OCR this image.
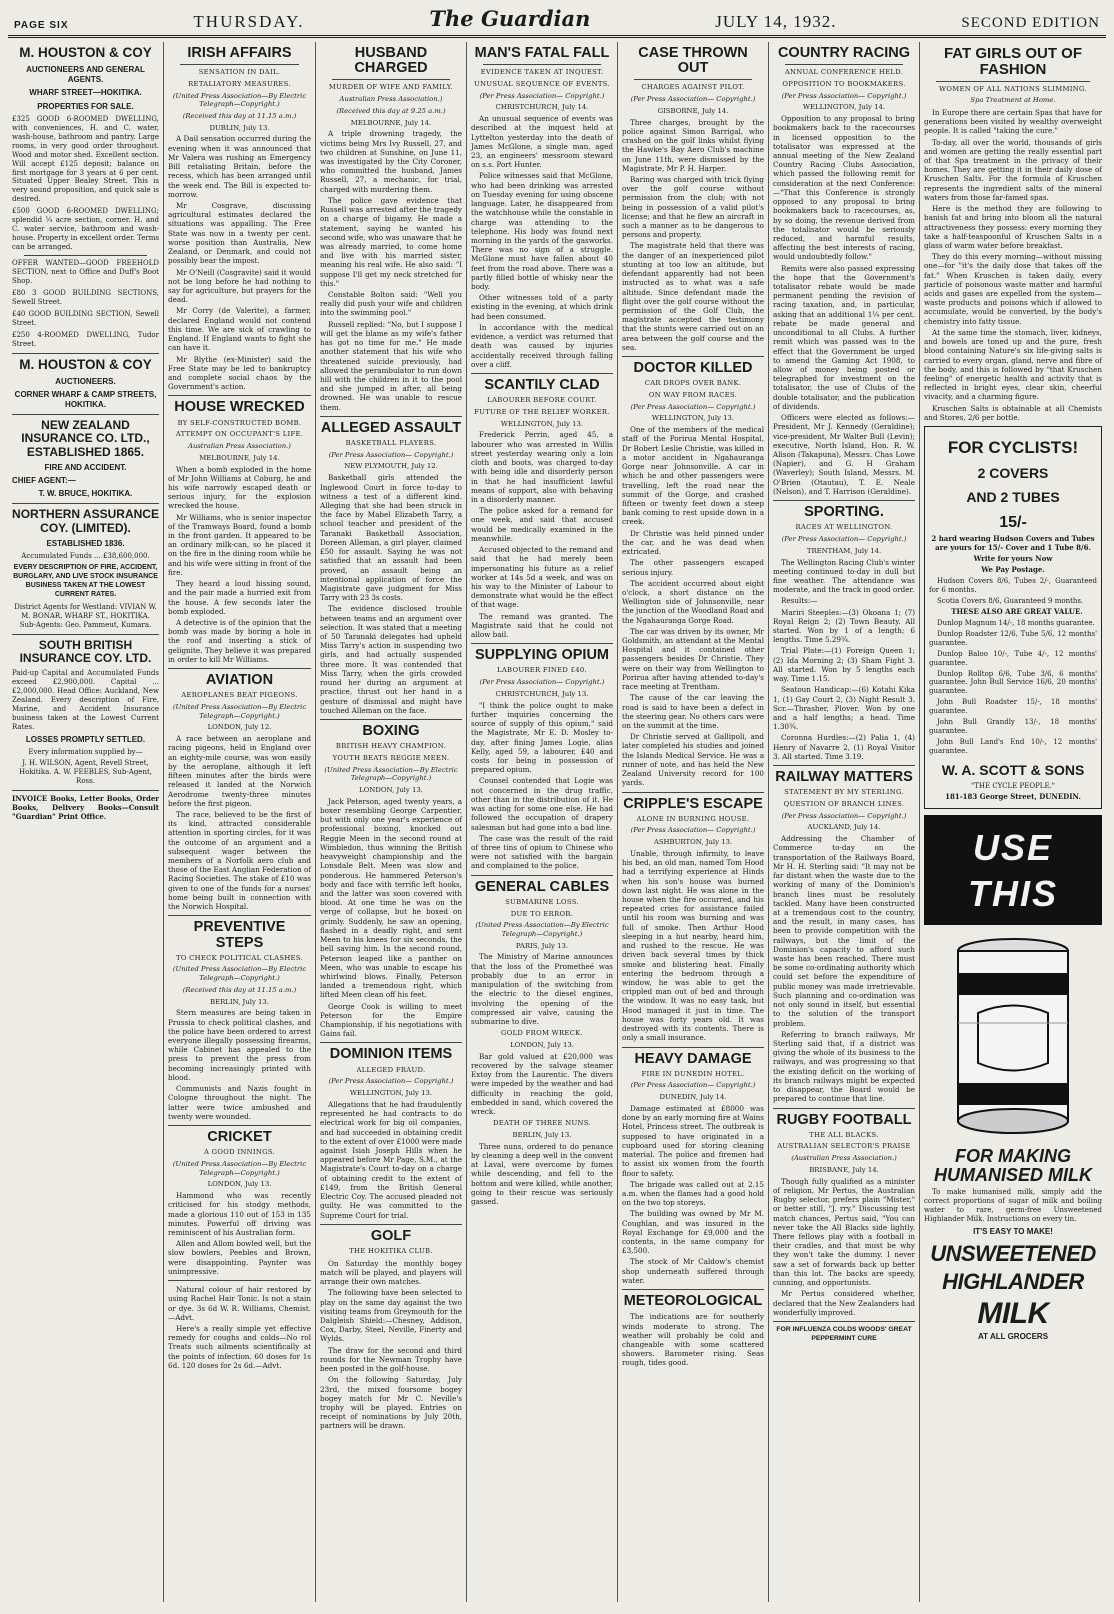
PAGE SIX	THURSDAY.	The Guardian	JULY 14, 1932.	SECOND EDITION
M. HOUSTON & COY
AUCTIONEERS AND GENERAL AGENTS.
WHARF STREET—HOKITIKA.
PROPERTIES FOR SALE.

£325 GOOD 6-ROOMED DWELLING, with conveniences, H. and C. water, wash-house, bathroom and pantry. Large rooms, in very good order throughout. Wood and motor shed. Excellent section. Will accept £125 deposit; balance on first mortgage for 3 years at 6 per cent. Situated Upper Bealey Street. This is very sound proposition, and quick sale is desired.

£500 GOOD 6-ROOMED DWELLING; splendid ¼ acre section, corner. H. and C. water service, bathroom and wash-house. Property in excellent order. Terms can be arranged.

OFFER WANTED—GOOD FREEHOLD SECTION, next to Office and Duff's Boot Shop.

£80 3 GOOD BUILDING SECTIONS, Sewell Street.

£40 GOOD BUILDING SECTION, Sewell Street.

£250 4-ROOMED DWELLING, Tudor Street.

M. HOUSTON & COY
AUCTIONEERS.
CORNER WHARF & CAMP STREETS, HOKITIKA.
NEW ZEALAND INSURANCE CO. LTD., ESTABLISHED 1865.
FIRE AND ACCIDENT.
CHIEF AGENT:—
T. W. BRUCE, HOKITIKA.
NORTHERN ASSURANCE COY. (LIMITED).
ESTABLISHED 1836.
Accumulated Funds ... £38,600,000.
EVERY DESCRIPTION OF FIRE, ACCIDENT, BURGLARY, AND LIVE STOCK INSURANCE BUSINESS TAKEN AT THE LOWEST CURRENT RATES.
District Agents for Westland: VIVIAN W. M. BONAR, WHARF ST., HOKITIKA. Sub-Agents: Geo. Pammeut, Kumara.
SOUTH BRITISH INSURANCE COY. LTD.

Paid-up Capital and Accumulated Funds exceed £2,900,000. Capital ... £2,000,000. Head Office: Auckland, New Zealand. Every description of Fire, Marine, and Accident Insurance business taken at the Lowest Current Rates.

LOSSES PROMPTLY SETTLED.
Every information supplied by—
J. H. WILSON, Agent, Revell Street, Hokitika. A. W. FEEBLES, Sub-Agent, Ross.

INVOICE Books, Letter Books, Order Books, Delivery Books—Consult "Guardian" Print Office.

IRISH AFFAIRS
SENSATION IN DAIL.
RETALIATORY MEASURES.
(United Press Association—By Electric Telegraph—Copyright.)
(Received this day at 11.15 a.m.)
DUBLIN, July 13.

A Dail sensation occurred during the evening when it was announced that Mr Valera was rushing an Emergency Bill retaliating Britain, before the recess, which has been arranged until the week end. The Bill is expected to-morrow.

Mr Cosgrave, discussing agricultural estimates declared the situations was appalling. The Free State was now in a twenty per cent. worse position than Australia, New Zealand, or Denmark, and could not possibly bear the impost.

Mr O'Neill (Cosgravite) said it would not be long before he had nothing to say for agriculture, but prayers for the dead.

Mr Corry (de Valerite), a farmer, declared England would not contend this time. We are sick of crawling to England. If England wants to fight she can have it.

Mr Blythe (ex-Minister) said the Free State may be led to bankruptcy and complete social chaos by the Government's action.

HOUSE WRECKED
BY SELF-CONSTRUCTED BOMB.
ATTEMPT ON OCCUPANT'S LIFE.
Australian Press Association.)
MELBOURNE, July 14.

When a bomb exploded in the home of Mr John Williams at Coburg, he and his wife narrowly escaped death or serious injury, for the explosion wrecked the house.

Mr Williams, who is senior inspector of the Tramways Board, found a bomb in the front garden. It appeared to be an ordinary milk-can, so he placed it on the fire in the dining room while he and his wife were sitting in front of the fire.

They heard a loud hissing sound, and the pair made a hurried exit from the house. A few seconds later the bomb exploded.

A detective is of the opinion that the bomb was made by boring a hole in the roof and inserting a stick of gelignite. They believe it was prepared in order to kill Mr Williams.

AVIATION
AEROPLANES BEAT PIGEONS.
(United Press Association—By Electric Telegraph—Copyright.)
LONDON, July 12.

A race between an aeroplane and racing pigeons, held in England over an eighty-mile course, was won easily by the aeroplane, although it left fifteen minutes after the birds were released it landed at the Norwich Aerodrome twenty-three minutes before the first pigeon.

The race, believed to be the first of its kind, attracted considerable attention in sporting circles, for it was the outcome of an argument and a subsequent wager between the members of a Norfolk aero club and those of the East Anglian Federation of Racing Societies. The stake of £10 was given to one of the funds for a nurses' home being built in connection with the Norwich Hospital.

PREVENTIVE STEPS
TO CHECK POLITICAL CLASHES.
(United Press Association—By Electric Telegraph—Copyright.)
(Received this day at 11.15 a.m.)
BERLIN, July 13.

Stern measures are being taken in Prussia to check political clashes, and the police have been ordered to arrest everyone illegally possessing firearms, while Cabinet has appealed to the press to prevent the press from becoming increasingly printed with blood.

Communists and Nazis fought in Cologne throughout the night. The latter were twice ambushed and twenty were wounded.

CRICKET
A GOOD INNINGS.
(United Press Association—By Electric Telegraph—Copyright.)
LONDON, July 13.

Hammond who was recently criticised for his stodgy methods, made a glorious 110 out of 153 in 135 minutes. Powerful off driving was reminiscent of his Australian form.

Allen and Allom bowled well, but the slow bowlers, Peebles and Brown, were disappointing. Paynter was unimpressive.

Natural colour of hair restored by using Rachel Hair Tonic. Is not a stain or dye. 3s 6d W. R. Williams, Chemist.—Advt.

Here's a really simple yet effective remedy for coughs and colds—No rol Treats such ailments scientifically at the points of infection. 60 doses for 1s 6d. 120 doses for 2s 6d.—Advt.

HUSBAND CHARGED
MURDER OF WIFE AND FAMILY.
Australian Press Association.)
(Received this day at 9.25 a.m.)
MELBOURNE, July 14.

A triple drowning tragedy, the victims being Mrs Ivy Russell, 27, and two children at Sunshine, on June 11, was investigated by the City Coroner, who committed the husband, James Russell, 27, a mechanic, for trial, charged with murdering them.

The police gave evidence that Russell was arrested after the tragedy on a charge of bigamy. He made a statement, saying he wanted his second wife, who was unaware that he was already married, to come home and live with his married sister, meaning his real wife. He also said: "I suppose I'll get my neck stretched for this."

Constable Bolton said: "Well you really did push your wife and children into the swimming pool."

Russell replied: "No, but I suppose I will get the blame as my wife's father has got no time for me." He made another statement that his wife who threatened suicide previously, had allowed the perambulator to run down hill with the children in it to the pool and she jumped in after, all being drowned. He was unable to rescue them.

ALLEGED ASSAULT
BASKETBALL PLAYERS.
(Per Press Association— Copyright.)
NEW PLYMOUTH, July 12.

Basketball girls attended the Inglewood Court in force to-day to witness a test of a different kind. Alleging that she had been struck in the face by Mabel Elizabeth Tarry, a school teacher and president of the Taranaki Basketball Association, Doreen Alleman, a girl player, claimed £50 for assault. Saying he was not satisfied that an assault had been proved, an assault being an intentional application of force the Magistrate gave judgment for Miss Tarry with 23 3s costs.

The evidence disclosed trouble between teams and an argument over selection. It was stated that a meeting of 50 Taranaki delegates had upheld Miss Tarry's action in suspending two girls, and had actually suspended three more. It was contended that Miss Tarry, when the girls crowded round her during an argument at practice, thrust out her hand in a gesture of dismissal and might have touched Alleman on the face.

BOXING
BRITISH HEAVY CHAMPION.
YOUTH BEATS REGGIE MEEN.
(United Press Association—By Electric Telegraph—Copyright.)
LONDON, July 13.

Jack Peterson, aged twenty years, a boxer resembling George Carpentier, but with only one year's experience of professional boxing, knocked out Reggie Meen in the second round at Wimbledon, thus winning the British heavyweight championship and the Lonsdale Belt. Meen was slow and ponderous. He hammered Peterson's body and face with terrific left hooks, and the latter was soon covered with blood. At one time he was on the verge of collapse, but he boxed on grimly. Suddenly, he saw an opening, flashed in a deadly right, and sent Meen to his knees for six seconds, the bell saving him. In the second round, Peterson leaped like a panther on Meen, who was unable to escape his whirlwind blows. Finally, Peterson landed a tremendous right, which lifted Meen clean off his feet.

George Cook is willing to meet Peterson for the Empire Championship, if his negotiations with Gains fail.

DOMINION ITEMS
ALLEGED FRAUD.
(Per Press Association— Copyright.)
WELLINGTON, July 13.

Allegations that he had fraudulently represented he had contracts to do electrical work for big oil companies, and had succeeded in obtaining credit to the extent of over £1000 were made against Isiah Joseph Hills when he appeared before Mr Page, S.M., at the Magistrate's Court to-day on a charge of obtaining credit to the extent of £149, from the British General Electric Coy. The accused pleaded not guilty. He was committed to the Supreme Court for trial.

GOLF
THE HOKITIKA CLUB.

On Saturday the monthly bogey match will be played, and players will arrange their own matches.

The following have been selected to play on the same day against the two visiting teams from Greymouth for the Dalgleish Shield:—Chesney, Addison, Cox, Darby, Steel, Neville, Finerty and Wylds.

The draw for the second and third rounds for the Newman Trophy have been posted in the golf-house.

On the following Saturday, July 23rd, the mixed foursome bogey bogey match for Mr C. Neville's trophy will be played. Entries on receipt of nominations by July 20th, partners will be drawn.

MAN'S FATAL FALL
EVIDENCE TAKEN AT INQUEST.
UNUSUAL SEQUENCE OF EVENTS.
(Per Press Association— Copyright.)
CHRISTCHURCH, July 14.

An unusual sequence of events was described at the inquest held at Lyttelton yesterday into the death of James McGlone, a single man, aged 23, an engineers' messroom steward on s.s. Port Hunter.

Police witnesses said that McGlone, who had been drinking was arrested on Tuesday evening for using obscene language. Later, he disappeared from the watchhouse while the constable in charge was attending to the telephone. His body was found next morning in the yards of the gasworks. There was no sign of a struggle. McGlone must have fallen about 40 feet from the road above. There was a partly filled bottle of whisky near the body.

Other witnesses told of a party existing in the evening, at which drink had been consumed.

In accordance with the medical evidence, a verdict was returned that death was caused by injuries accidentally received through falling over a cliff.

SCANTILY CLAD
LABOURER BEFORE COURT.
FUTURE OF THE RELIEF WORKER.
WELLINGTON, July 13.

Frederick Perrin, aged 45, a labourer who was arrested in Willis street yesterday wearing only a loin cloth and boots, was charged to-day with being idle and disorderly person in that he had insufficient lawful means of support, also with behaving in a disorderly manner.

The police asked for a remand for one week, and said that accused would be medically examined in the meanwhile.

Accused objected to the remand and said that he had merely been impersonating his future as a relief worker at 14s 5d a week, and was on his way to the Minister of Labour to demonstrate what would be the effect of that wage.

The remand was granted. The Magistrate said that he could not allow bail.

SUPPLYING OPIUM
LABOURER FINED £40.
(Per Press Association— Copyright.)
CHRISTCHURCH, July 13.

"I think the police ought to make further inquiries concerning the source of supply of this opium," said the Magistrate, Mr E. D. Mosley to-day, after fining James Logie, alias Kelly, aged 59, a labourer, £40 and costs for being in possession of prepared opium.

Counsel contended that Logie was not concerned in the drug traffic, other than in the distribution of it. He was acting for some one else. He had followed the occupation of drapery salesman but had gone into a bad line.

The case was the result of the raid of three tins of opium to Chinese who were not satisfied with the bargain and complained to the police.

GENERAL CABLES
SUBMARINE LOSS.
DUE TO ERROR.
(United Press Association—By Electric Telegraph—Copyright.)
PARIS, July 13.

The Ministry of Marine announces that the loss of the Prometheé was probably due to an error in manipulation of the switching from the electric to the diesel engines, involving the opening of the compressed air valve, causing the submarine to dive.

GOLD FROM WRECK.
LONDON, July 13.

Bar gold valued at £20,000 was recovered by the salvage steamer Extoy from the Laurentic. The divers were impeded by the weather and had difficulty in reaching the gold, embedded in sand, which covered the wreck.

DEATH OF THREE NUNS.
BERLIN, July 13.

Three nuns, ordered to do penance by cleaning a deep well in the convent at Laval, were overcome by fumes while descending, and fell to the bottom and were killed, while another, going to their rescue was seriously gassed.

CASE THROWN OUT
CHARGES AGAINST PILOT.
(Per Press Association— Copyright.)
GISBORNE, July 14.

Three charges, brought by the police against Simon Barrigal, who crashed on the golf links whilst flying the Hawke's Bay Aero Club's machine on June 11th, were dismissed by the Magistrate, Mr P. H. Harper.

Baring was charged with trick flying over the golf course without permission from the club; with not being in possession of a valid pilot's license; and that he flew an aircraft in such a manner as to be dangerous to persons and property.

The magistrate held that there was the danger of an inexperienced pilot stunting at too low an altitude, but defendant apparently had not been instructed as to what was a safe altitude. Since defendant made the flight over the golf course without the permission of the Golf Club, the magistrate accepted the testimony that the stunts were carried out on an area between the golf course and the sea.

DOCTOR KILLED
CAR DROPS OVER BANK.
ON WAY FROM RACES.
(Per Press Association— Copyright.)
WELLINGTON, July 13.

One of the members of the medical staff of the Porirua Mental Hospital, Dr Robert Leslie Christie, was killed in a motor accident in Ngahauranga Gorge near Johnsonville. A car in which he and other passengers were travelling, left the road near the summit of the Gorge, and crashed fifteen or twenty feet down a steep bank coming to rest upside down in a creek.

Dr Christie was held pinned under the car, and he was dead when extricated.

The other passengers escaped serious injury.

The accident occurred about eight o'clock, a short distance on the Wellington side of Johnsonville, near the junction of the Woodland Road and the Ngahauranga Gorge Road.

The car was driven by its owner, Mr Goldsmith, an attendant at the Mental Hospital and it contained other passengers besides Dr Christie. They were on their way from Wellington to Porirua after having attended to-day's race meeting at Trentham.

The cause of the car leaving the road is said to have been a defect in the steering gear. No others cars were on the summit at the time.

Dr Christie served at Gallipoli, and later completed his studies and joined the Islands Medical Service. He was a runner of note, and has held the New Zealand University record for 100 yards.

CRIPPLE'S ESCAPE
ALONE IN BURNING HOUSE.
(Per Press Association— Copyright.)
ASHBURTON, July 13.

Unable, through infirmity, to leave his bed, an old man, named Tom Hood had a terrifying experience at Hinds when his son's house was burned down last night. He was alone in the house when the fire occurred, and his repeated cries for assistance failed until his room was burning and was full of smoke. Then Arthur Hood sleeping in a hut nearby, heard him, and rushed to the rescue. He was driven back several times by thick smoke and blistering heat. Finally entering the bedroom through a window, he was able to get the crippled man out of bed and through the window. It was no easy task, but Hood managed it just in time. The house was forty years old. It was destroyed with its contents. There is only a small insurance.

HEAVY DAMAGE
FIRE IN DUNEDIN HOTEL.
(Per Press Association— Copyright.)
DUNEDIN, July 14.

Damage estimated at £8000 was done by an early morning fire at Wains Hotel, Princess street. The outbreak is supposed to have originated in a cupboard used for storing cleaning material. The police and firemen had to assist six women from the fourth floor to safety.

The brigade was called out at 2.15 a.m. when the flames had a good hold on the two top storeys.

The building was owned by Mr M. Coughlan, and was insured in the Royal Exchange for £9,000 and the contents, in the same company for £3,500.

The stock of Mr Caldow's chemist shop underneath suffered through water.

METEOROLOGICAL

The indications are for southerly winds moderate to strong. The weather will probably be cold and changeable with some scattered showers. Barometer rising. Seas rough, tides good.

COUNTRY RACING
ANNUAL CONFERENCE HELD.
OPPOSITION TO BOOKMAKERS.
(Per Press Association— Copyright.)
WELLINGTON, July 14.

Opposition to any proposal to bring bookmakers back to the racecourses in licensed opposition to the totalisator was expressed at the annual meeting of the New Zealand Country Racing Clubs Association, which passed the following remit for consideration at the next Conference:—"That this Conference is strongly opposed to any proposal to bring bookmakers back to racecourses, as, by so doing, the revenue derived from the totalisator would be seriously reduced, and harmful results, affecting the best interests of racing, would undoubtedly follow."

Remits were also passed expressing the hope that the Government's totalisator rebate would be made permanent pending the revision of racing taxation, and, in particular, asking that an additional 1¼ per cent. rebate be made general and unconditional to all Clubs. A further remit which was passed was to the effect that the Government be urged to amend the Gaming Act 1908, to allow of money being posted or telegraphed for investment on the totalisator, the use of Clubs of the double totalisator, and the publication of dividends.

Officers were elected as follows:—President, Mr J. Kennedy (Geraldine); vice-president, Mr Walter Bull (Levin); executive, North Island, Hon. R. W. Alison (Takapuna), Messrs. Chas Lowe (Napier), and G. H Graham (Waverley); South Island, Messrs. M. O'Brien (Otautau), T. E. Neale (Nelson), and T. Harrison (Geraldine).

SPORTING.
RACES AT WELLINGTON.
(Per Press Association— Copyright.)
TRENTHAM, July 14.

The Wellington Racing Club's winter meeting continued to-day in dull but fine weather. The attendance was moderate, and the track in good order.

Results:—

Mariri Steeples:—(3) Okoana 1; (7) Royal Reign 2; (2) Town Beauty. All started. Won by 1 of a length; 6 lengths. Time 5.29¾.

Trial Plate:—(1) Foreign Queen 1; (2) Ida Morning 2; (3) Sham Fight 3. All started. Won by 5 lengths each way. Time 1.15.

Seatoun Handicap:—(6) Kotahi Kika 1, (1) Gay Court 2, (3) Night Result 3. Scr.—Thrasher, Plover. Won by one and a half lengths; a head. Time 1.30¾.

Coronna Hurdles:—(2) Palia 1, (4) Henry of Navarre 2, (1) Royal Visitor 3. All started. Time 3.19.

RAILWAY MATTERS
STATEMENT BY MY STERLING.
QUESTION OF BRANCH LINES.
(Per Press Association— Copyright.)
AUCKLAND, July 14.

Addressing the Chamber of Commerce to-day on the transportation of the Railways Board, Mr H. H. Sterling said: "It may not be far distant when the waste due to the working of many of the Dominion's branch lines must be resolutely tackled. Many have been constructed at a tremendous cost to the country, and the result, in many cases, has been to provide competition with the railways, but the limit of the Dominion's capacity to afford such waste has been reached. There must be some co-ordinating authority which could set before the expenditure of public money was made irretrievable. Such planning and co-ordination was not only sound in itself, but essential to the solution of the transport problem.

Referring to branch railways, Mr Sterling said that, if a district was giving the whole of its business to the railways, and was progressing so that the existing deficit on the working of its branch railways might be expected to disappear, the Board would be prepared to continue that line.

RUGBY FOOTBALL
THE ALL BLACKS.
AUSTRALIAN SELECTOR'S PRAISE
(Australian Press Association.)
BRISBANE, July 14.

Though fully qualified as a minister of religion, Mr Pertus, the Australian Rugby selector, prefers plain "Mister," or better still, "J. rry." Discussing test match chances, Pertus said, "You can never take the All Blacks side lightly. There fellows play with a football in their cradles, and that must be why they won't take the dummy. I never saw a set of forwards back up better than this lot. The backs are speedy, cunning, and opportunists.

Mr Pertus considered whether, declared that the New Zealanders had wonderfully improved.

FOR INFLUENZA COLDS WOODS' GREAT PEPPERMINT CURE
FAT GIRLS OUT OF FASHION
WOMEN OF ALL NATIONS SLIMMING.
Spa Treatment at Home.

In Europe there are certain Spas that have for generations been visited by wealthy overweight people. It is called "taking the cure."

To-day, all over the world, thousands of girls and women are getting the really essential part of that Spa treatment in the privacy of their homes. They are getting it in their daily dose of Kruschen Salts. For the formula of Kruschen represents the ingredient salts of the mineral waters from those far-famed spas.

Here is the method they are following to banish fat and bring into bloom all the natural attractiveness they possess: every morning they take a half-teaspoonful of Kruschen Salts in a glass of warm water before breakfast.

They do this every morning—without missing one—for "it's the daily dose that takes off the fat." When Kruschen is taken daily, every particle of poisonous waste matter and harmful acids and gases are expelled from the system—waste products and poisons which if allowed to accumulate, would be converted, by the body's chemistry into fatty tissue.

At the same time the stomach, liver, kidneys, and bowels are toned up and the pure, fresh blood containing Nature's six life-giving salts is carried to every organ, gland, nerve and fibre of the body, and this is followed by "that Kruschen feeling" of energetic health and activity that is reflected in bright eyes, clear skin, cheerful vivacity, and a charming figure.

Kruschen Salts is obtainable at all Chemists and Stores, 2/6 per bottle.

FOR CYCLISTS!
2 COVERS
AND 2 TUBES
15/-
2 hard wearing Hudson Covers and Tubes are yours for 15/- Cover and 1 Tube 8/6.
Write for yours Now
We Pay Postage.

Hudson Covers 8/6, Tubes 2/-, Guaranteed for 6 months.

Scotia Covers 8/6, Guaranteed 9 months.

THESE ALSO ARE GREAT VALUE.

Dunlop Magnum 14/-, 18 months guarantee.

Dunlop Roadster 12/6, Tube 5/6, 12 months' guarantee.

Dunlop Baloo 10/-, Tube 4/-, 12 months' guarantee.

Dunlop Rolltop 6/6, Tube 3/6, 6 months' guarantee. John Bull Service 16/6, 20 months' guarantee.

John Bull Roadster 15/-, 18 months' guarantee.

John Bull Grandly 13/-, 18 months' guarantee.

John Bull Land's End 10/-, 12 months' guarantee.

W. A. SCOTT & SONS
"THE CYCLE PEOPLE."
181-183 George Street, DUNEDIN.
USE THIS
FOR MAKING HUMANISED MILK

To make humanised milk, simply add the correct proportions of sugar of milk and boiling water to rare, germ-free Unsweetened Highlander Milk. Instructions on every tin.

IT'S EASY TO MAKE!
UNSWEETENED
HIGHLANDER
MILK
AT ALL GROCERS
